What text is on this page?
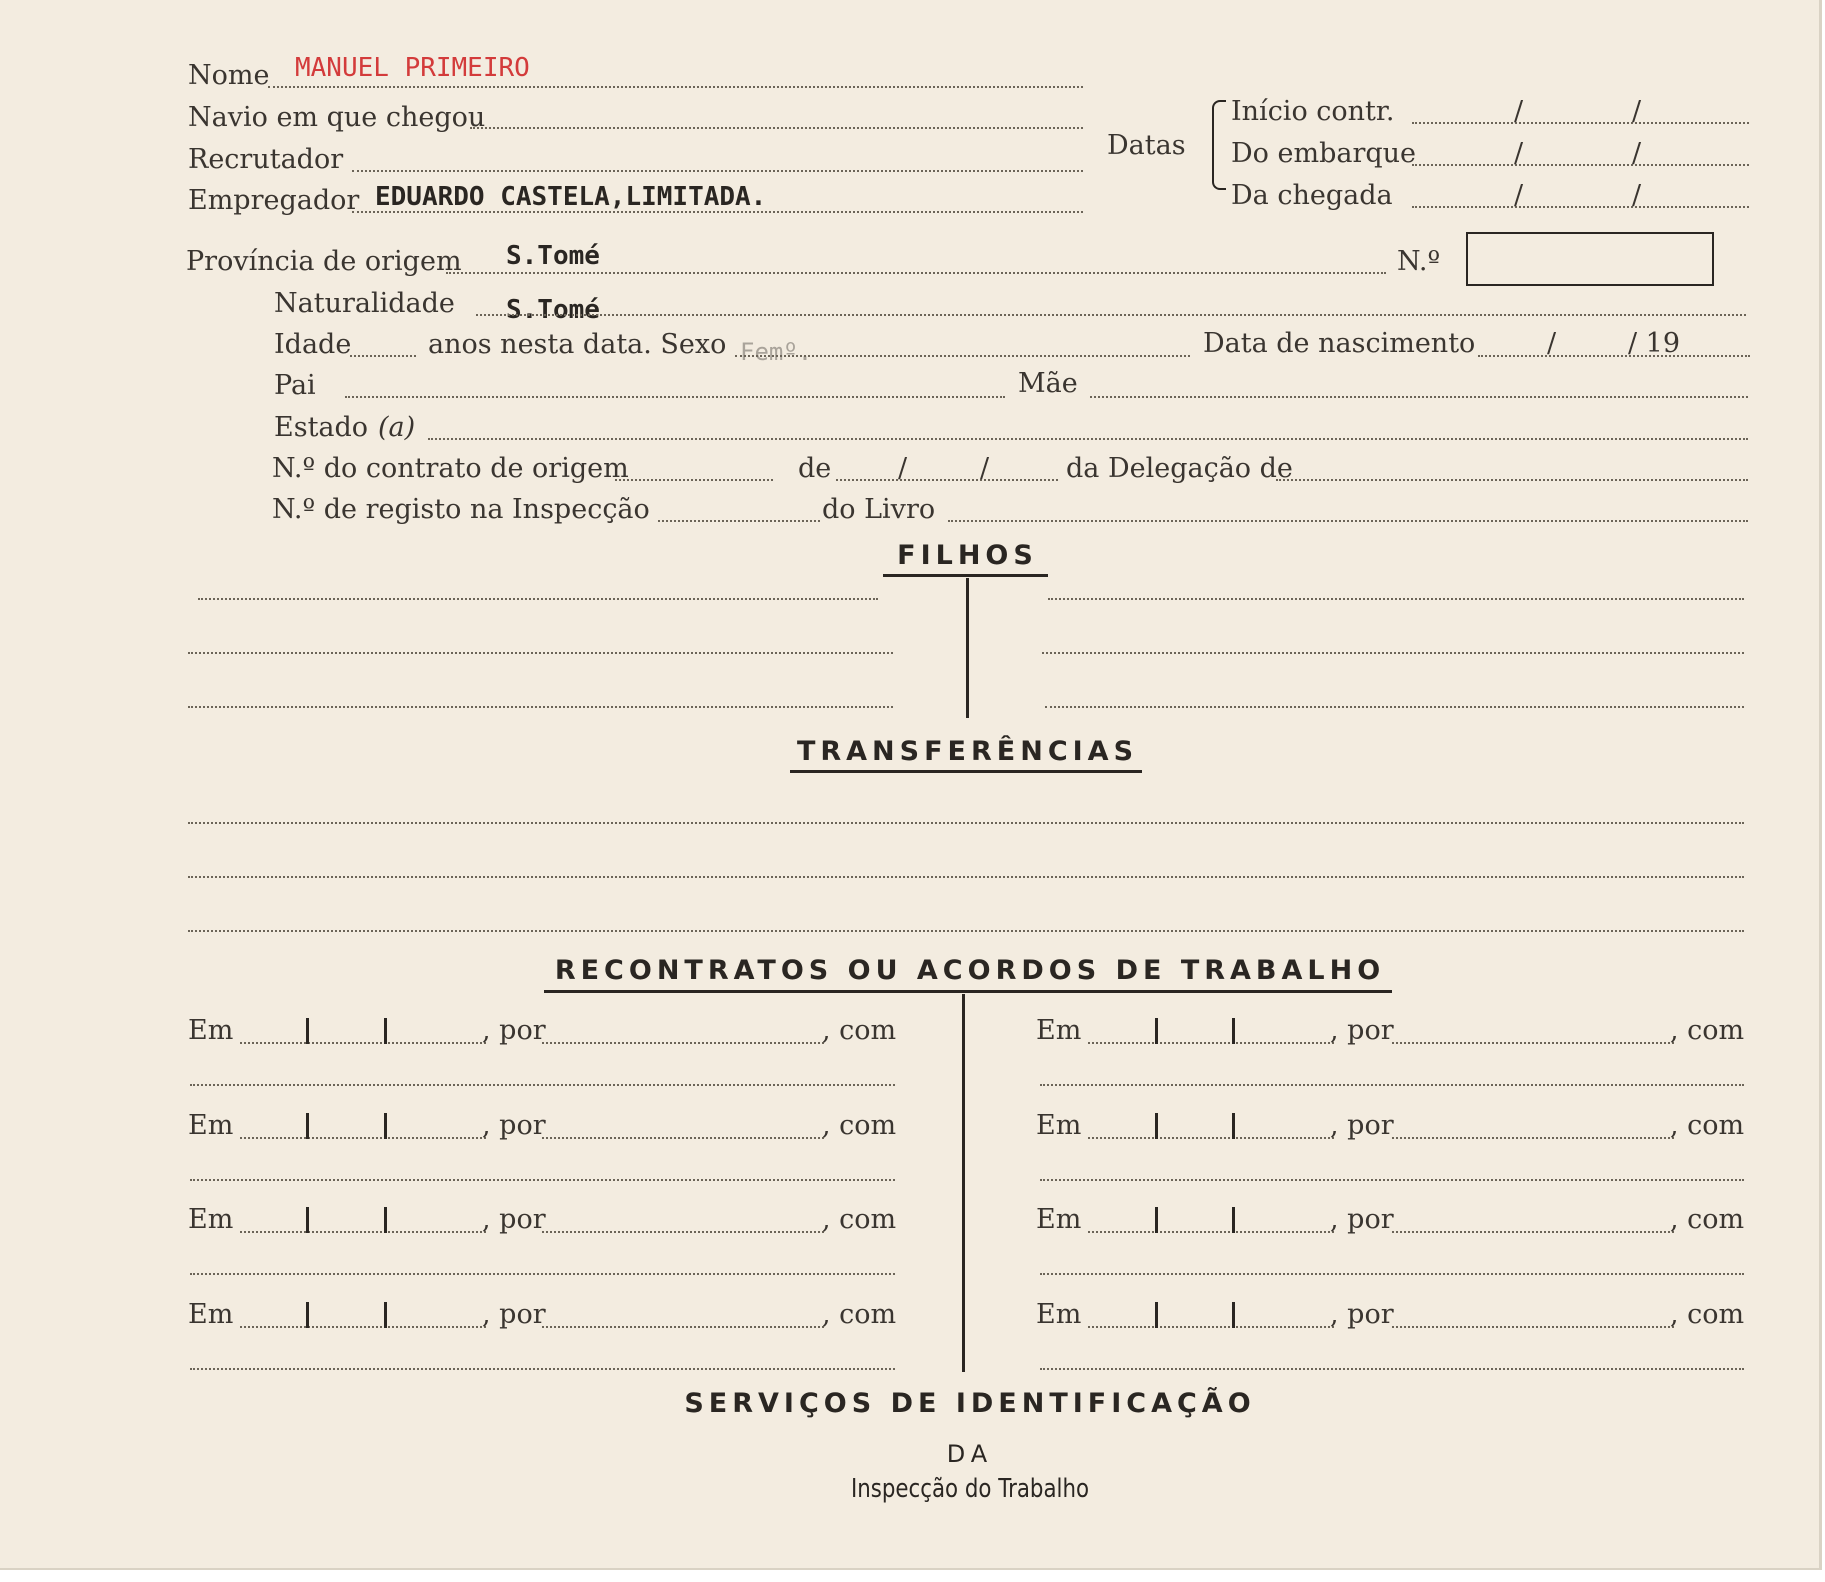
Nome MANUEL PRIMEIRO
Navio em que chegou
Recrutador
Empregador EDUARDO CASTELA,LIMITADA.
Datas
Início contr.	/	/
Do embarque	/	/
Da chegada	/	/
Província de origem S.Tomé	N.º
Naturalidade S.Tomé
Idade	anos nesta data. Sexo Femº.	Data de nascimento	/	/ 19
Pai	Mãe
Estado (a)
N.º do contrato de origem	de /	/	da Delegação de
N.º de registo na Inspecção	do Livro
FILHOS
TRANSFERÊNCIAS
RECONTRATOS OU ACORDOS DE TRABALHO
Em	, por	, com
Em	, por	, com
Em	, por	, com
Em	, por	, com
Em	, por	, com
Em	, por	, com
Em	, por	, com
Em	, por	, com
SERVIÇOS DE IDENTIFICAÇÃO
DA
Inspecção do Trabalho
